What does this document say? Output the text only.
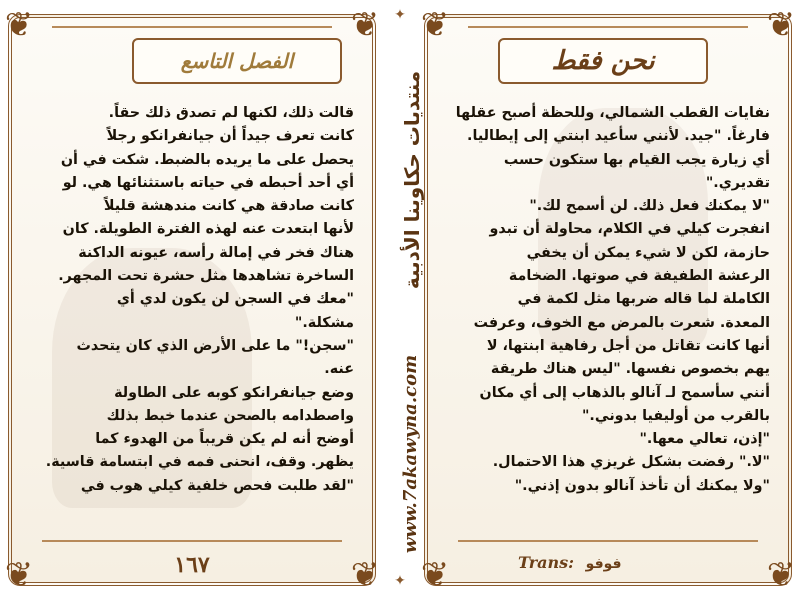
❦	❦
❦	❦
الفصل التاسع

قالت ذلك، لكنها لم تصدق ذلك حقاً.

كانت تعرف جيداً أن جيانفرانكو رجلاً

يحصل على ما يريده بالضبط. شكت في أن

أي أحد أحبطه في حياته باستثنائها هي. لو

كانت صادقة هي كانت مندهشة قليلاً

لأنها ابتعدت عنه لهذه الفترة الطويلة. كان

هناك فخر في إمالة رأسه، عيونه الداكنة

الساخرة تشاهدها مثل حشرة تحت المجهر.

"معك في السجن لن يكون لدي أي

مشكلة."

"سجن!" ما على الأرض الذي كان يتحدث

عنه.

وضع جيانفرانكو كوبه على الطاولة

واصطدامه بالصحن عندما خبط بذلك

أوضح أنه لم يكن قريباً من الهدوء كما

يظهر. وقف، انحنى فمه في ابتسامة قاسية.

"لقد طلبت فحص خلفية كيلي هوب في

١٦٧
✦
✦
منتديات حكاوينا الأدبية
www.7akawyna.com
❦	❦
❦	❦
نحن فقط

نفايات القطب الشمالي، وللحظة أصبح عقلها

فارغاً. "جيد. لأنني سأعيد ابنتي إلى إيطاليا.

أي زيارة يجب القيام بها ستكون حسب

تقديري."

"لا يمكنك فعل ذلك. لن أسمح لك."

انفجرت كيلي في الكلام، محاولة أن تبدو

حازمة، لكن لا شيء يمكن أن يخفي

الرعشة الطفيفة في صوتها. الضخامة

الكاملة لما قاله ضربها مثل لكمة في

المعدة. شعرت بالمرض مع الخوف، وعرفت

أنها كانت تقاتل من أجل رفاهية ابنتها، لا

يهم بخصوص نفسها. "ليس هناك طريقة

أنني سأسمح لـ آنالو بالذهاب إلى أي مكان

بالقرب من أوليفيا بدوني."

"إذن، تعالي معها."

"لا." رفضت بشكل غريزي هذا الاحتمال.

"ولا يمكنك أن تأخذ آنالو بدون إذني."

Trans: فوفو
